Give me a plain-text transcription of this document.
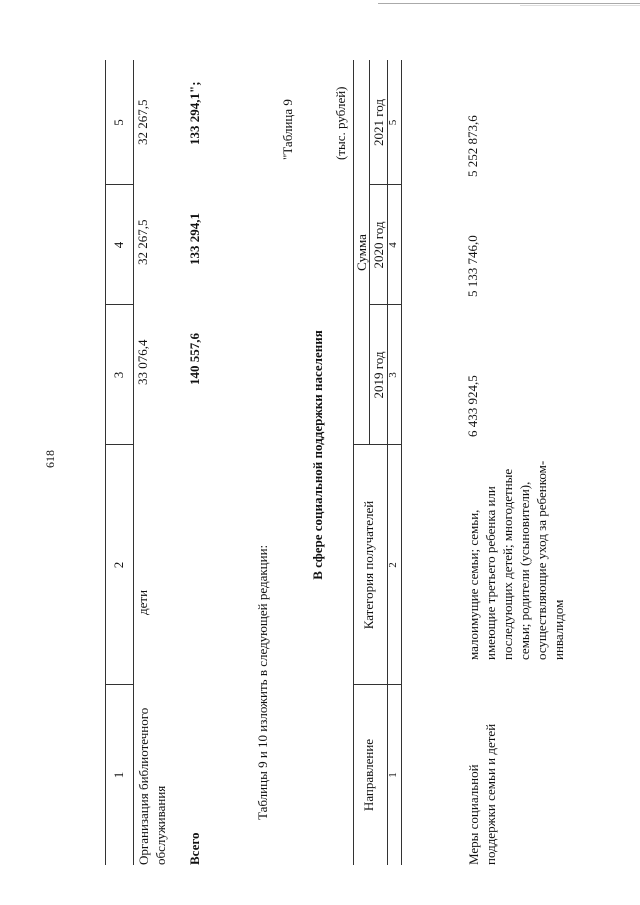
618
1
2
3
4
5
Организация библиотечного обслуживания
дети
33 076,4
32 267,5
32 267,5
Всего
140 557,6
133 294,1
133 294,1";
Таблицы 9 и 10 изложить в следующей редакции:
"Таблица 9
В сфере социальной поддержки населения
(тыс. рублей)
Направление
Категория получателей
Сумма
2019 год
2020 год
2021 год
1
2
3
4
5
Меры социальной поддержки семьи и детей
малоимущие семьи; семьи, имеющие третьего ребенка или последующих детей; многодетные семьи; родители (усыновители), осуществляющие уход за ребенком-инвалидом
6 433 924,5
5 133 746,0
5 252 873,6
